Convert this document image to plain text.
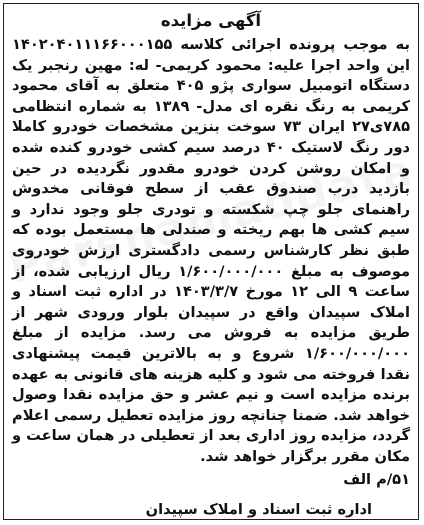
آگهی مزایده

به موجب پرونده اجرائی کلاسه ۱۴۰۲۰۴۰۱۱۱۶۶۰۰۰۱۵۵ این واحد اجرا علیه: محمود کریمی- له: مهین رنجبر یک دستگاه اتومبیل سواری پژو ۴۰۵ متعلق به آقای محمود کریمی به رنگ نقره ای مدل- ۱۳۸۹ به شماره انتظامی ۷۸۵ی۲۷ ایران ۷۳ سوخت بنزین مشخصات خودرو کاملا دور رنگ لاستیک ۴۰ درصد سیم کشی خودرو کنده شده و امکان روشن کردن خودرو مقدور نگردیده در حین بازدید درب صندوق عقب از سطح فوقانی مخدوش راهنمای جلو چپ شکسته و تودری جلو وجود ندارد و سیم کشی ها بهم ریخته و صندلی ها مستعمل بوده که طبق نظر کارشناس رسمی دادگستری ارزش خودروی موصوف به مبلغ ۱/۶۰۰/۰۰۰/۰۰۰ ریال ارزیابی شده، از ساعت ۹ الی ۱۲ مورخ ۱۴۰۳/۳/۷ در اداره ثبت اسناد و املاک سپیدان واقع در سپیدان بلوار ورودی شهر از طریق مزایده به فروش می رسد. مزایده از مبلغ ۱/۶۰۰/۰۰۰/۰۰۰ شروع و به بالاترین قیمت پیشنهادی نقدا فروخته می شود و کلیه هزینه های قانونی به عهده برنده مزایده است و نیم عشر و حق مزایده نقدا وصول خواهد شد. ضمنا چنانچه روز مزایده تعطیل رسمی اعلام گردد، مزایده روز اداری بعد از تعطیلی در همان ساعت و مکان مقرر برگزار خواهد شد.

۵۱/م الف
اداره ثبت اسناد و املاک سپیدان
